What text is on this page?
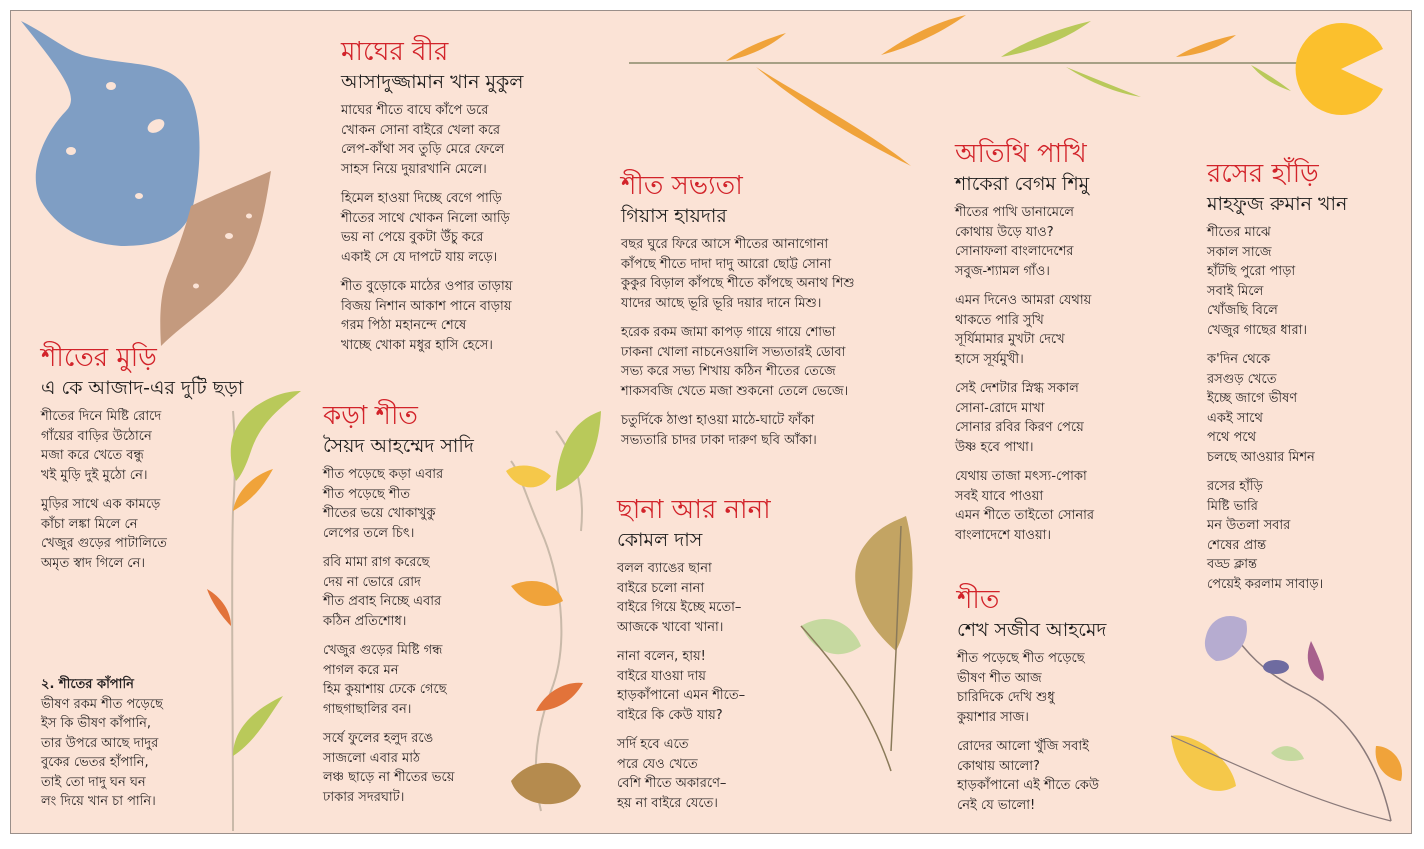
মাঘের বীর
আসাদুজ্জামান খান মুকুল
মাঘের শীতে বাঘে কাঁপে ডরে
খোকন সোনা বাইরে খেলা করে
লেপ-কাঁথা সব তুড়ি মেরে ফেলে
সাহস নিয়ে দুয়ারখানি মেলে।
হিমেল হাওয়া দিচ্ছে বেগে পাড়ি
শীতের সাথে খোকন নিলো আড়ি
ভয় না পেয়ে বুকটা উঁচু করে
একাই সে যে দাপটে যায় লড়ে।
শীত বুড়োকে মাঠের ওপার তাড়ায়
বিজয় নিশান আকাশ পানে বাড়ায়
গরম পিঠা মহানন্দে শেষে
খাচ্ছে খোকা মধুর হাসি হেসে।
শীতের মুড়ি
এ কে আজাদ-এর দুটি ছড়া
শীতের দিনে মিষ্টি রোদে
গাঁয়ের বাড়ির উঠোনে
মজা করে খেতে বন্ধু
খই মুড়ি দুই মুঠো নে।
মুড়ির সাথে এক কামড়ে
কাঁচা লঙ্কা মিলে নে
খেজুর গুড়ের পাটালিতে
অমৃত স্বাদ গিলে নে।
২. শীতের কাঁপানি
ভীষণ রকম শীত পড়েছে
ইস কি ভীষণ কাঁপানি,
তার উপরে আছে দাদুর
বুকের ভেতর হাঁপানি,
তাই তো দাদু ঘন ঘন
লং দিয়ে খান চা পানি।
কড়া শীত
সৈয়দ আহম্মেদ সাদি
শীত পড়েছে কড়া এবার
শীত পড়েছে শীত
শীতের ভয়ে খোকাখুকু
লেপের তলে চিৎ।
রবি মামা রাগ করেছে
দেয় না ভোরে রোদ
শীত প্রবাহ নিচ্ছে এবার
কঠিন প্রতিশোধ।
খেজুর গুড়ের মিষ্টি গন্ধ
পাগল করে মন
হিম কুয়াশায় ঢেকে গেছে
গাছগাছালির বন।
সর্ষে ফুলের হলুদ রঙে
সাজলো এবার মাঠ
লঞ্চ ছাড়ে না শীতের ভয়ে
ঢাকার সদরঘাট।
শীত সভ্যতা
গিয়াস হায়দার
বছর ঘুরে ফিরে আসে শীতের আনাগোনা
কাঁপছে শীতে দাদা দাদু আরো ছোট্ট সোনা
কুকুর বিড়াল কাঁপছে শীতে কাঁপছে অনাথ শিশু
যাদের আছে ভূরি ভূরি দয়ার দানে মিশু।
হরেক রকম জামা কাপড় গায়ে গায়ে শোভা
ঢাকনা খোলা নাচনেওয়ালি সভ্যতারই ডোবা
সভ্য করে সভ্য শিখায় কঠিন শীতের তেজে
শাকসবজি খেতে মজা শুকনো তেলে ভেজে।
চতুর্দিকে ঠাণ্ডা হাওয়া মাঠে-ঘাটে ফাঁকা
সভ্যতারি চাদর ঢাকা দারুণ ছবি আঁকা।
ছানা আর নানা
কোমল দাস
বলল ব্যাঙের ছানা
বাইরে চলো নানা
বাইরে গিয়ে ইচ্ছে মতো–
আজকে খাবো খানা।
নানা বলেন, হায়!
বাইরে যাওয়া দায়
হাড়কাঁপানো এমন শীতে–
বাইরে কি কেউ যায়?
সর্দি হবে এতে
পরে যেও খেতে
বেশি শীতে অকারণে–
হয় না বাইরে যেতে।
অতিথি পাখি
শাকেরা বেগম শিমু
শীতের পাখি ডানামেলে
কোথায় উড়ে যাও?
সোনাফলা বাংলাদেশের
সবুজ-শ্যামল গাঁও।
এমন দিনেও আমরা যেথায়
থাকতে পারি সুখি
সূর্যিমামার মুখটা দেখে
হাসে সূর্যমুখী।
সেই দেশটার স্নিগ্ধ সকাল
সোনা-রোদে মাখা
সোনার রবির কিরণ পেয়ে
উষ্ণ হবে পাখা।
যেথায় তাজা মৎস্য-পোকা
সবই যাবে পাওয়া
এমন শীতে তাইতো সোনার
বাংলাদেশে যাওয়া।
শীত
শেখ সজীব আহমেদ
শীত পড়েছে শীত পড়েছে
ভীষণ শীত আজ
চারিদিকে দেখি শুধু
কুয়াশার সাজ।
রোদের আলো খুঁজি সবাই
কোথায় আলো?
হাড়কাঁপানো এই শীতে কেউ
নেই যে ভালো!
রসের হাঁড়ি
মাহফুজ রুমান খান
শীতের মাঝে
সকাল সাজে
হাঁটছি পুরো পাড়া
সবাই মিলে
খোঁজছি বিলে
খেজুর গাছের ধারা।
ক'দিন থেকে
রসগুড় খেতে
ইচ্ছে জাগে ভীষণ
একই সাথে
পথে পথে
চলছে আওয়ার মিশন
রসের হাঁড়ি
মিষ্টি ভারি
মন উতলা সবার
শেষের প্রান্ত
বড্ড ক্লান্ত
পেয়েই করলাম সাবাড়।
